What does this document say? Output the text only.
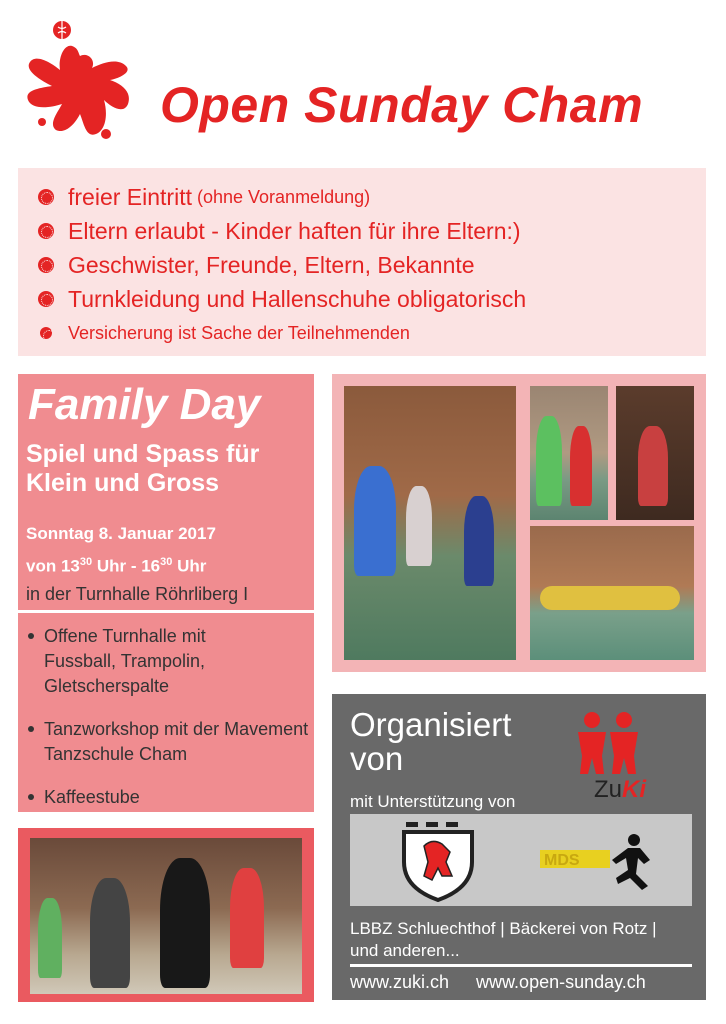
Open Sunday Cham
freier Eintritt (ohne Voranmeldung)
Eltern erlaubt - Kinder haften für ihre Eltern:)
Geschwister, Freunde, Eltern, Bekannte
Turnkleidung und Hallenschuhe obligatorisch
Versicherung ist Sache der Teilnehmenden
Family Day
Spiel und Spass für
Klein und Gross
Sonntag 8. Januar 2017
von $13^{30}$ Uhr - $16^{30}$ Uhr
in der Turnhalle Röhrliberg I
Offene Turnhalle mit Fussball, Trampolin, Gletscherspalte
Tanzworkshop mit der Mavement Tanzschule Cham
Kaffeestube
Organisiert
von
ZuKi
mit Unterstützung von
MDS
LBBZ Schluechthof | Bäckerei von Rotz |
und anderen...
www.zuki.ch www.open-sunday.ch
